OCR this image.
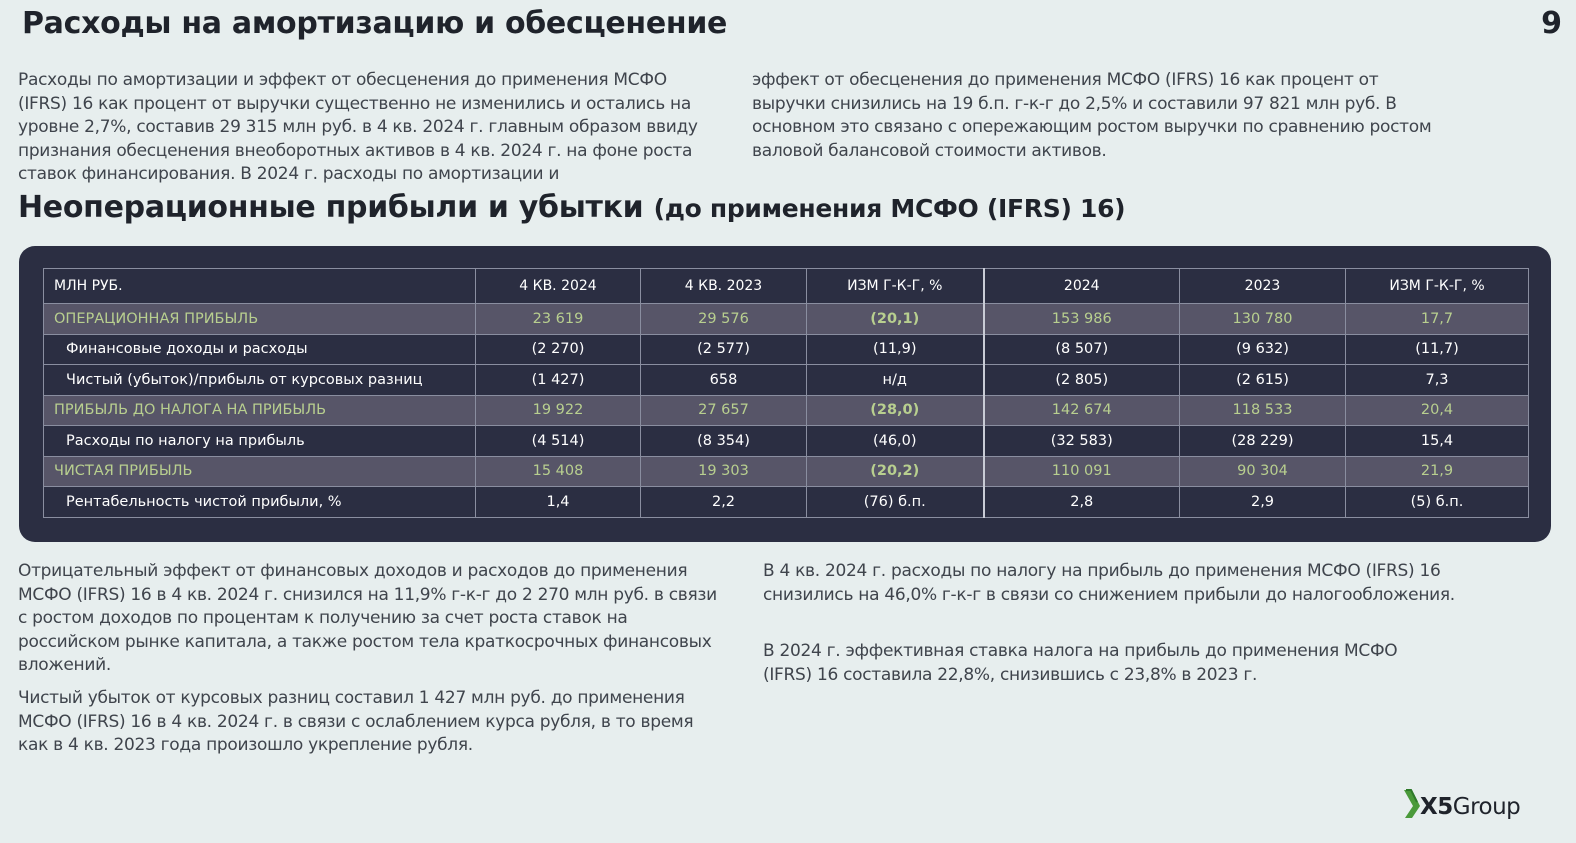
Расходы на амортизацию и обесценение	9

Расходы по амортизации и эффект от обесценения до применения МСФО (IFRS) 16 как процент от выручки существенно не изменились и остались на уровне 2,7%, составив 29 315 млн руб. в 4 кв. 2024 г. главным образом ввиду признания обесценения внеоборотных активов в 4 кв. 2024 г. на фоне роста ставок финансирования. В 2024 г. расходы по амортизации и

эффект от обесценения до применения МСФО (IFRS) 16 как процент от выручки снизились на 19 б.п. г-к-г до 2,5% и составили 97 821 млн руб. В основном это связано с опережающим ростом выручки по сравнению ростом валовой балансовой стоимости активов.

Неоперационные прибыли и убытки (до применения МСФО (IFRS) 16)
МЛН РУБ.	4 КВ. 2024	4 КВ. 2023	ИЗМ Г-К-Г, %	2024	2023	ИЗМ Г-К-Г, %
ОПЕРАЦИОННАЯ ПРИБЫЛЬ	23 619	29 576	(20,1)	153 986	130 780	17,7
Финансовые доходы и расходы	(2 270)	(2 577)	(11,9)	(8 507)	(9 632)	(11,7)
Чистый (убыток)/прибыль от курсовых разниц	(1 427)	658	н/д	(2 805)	(2 615)	7,3
ПРИБЫЛЬ ДО НАЛОГА НА ПРИБЫЛЬ	19 922	27 657	(28,0)	142 674	118 533	20,4
Расходы по налогу на прибыль	(4 514)	(8 354)	(46,0)	(32 583)	(28 229)	15,4
ЧИСТАЯ ПРИБЫЛЬ	15 408	19 303	(20,2)	110 091	90 304	21,9
Рентабельность чистой прибыли, %	1,4	2,2	(76) б.п.	2,8	2,9	(5) б.п.

Отрицательный эффект от финансовых доходов и расходов до применения МСФО (IFRS) 16 в 4 кв. 2024 г. снизился на 11,9% г-к-г до 2 270 млн руб. в связи с ростом доходов по процентам к получению за счет роста ставок на российском рынке капитала, а также ростом тела краткосрочных финансовых вложений.

Чистый убыток от курсовых разниц составил 1 427 млн руб. до применения МСФО (IFRS) 16 в 4 кв. 2024 г. в связи с ослаблением курса рубля, в то время как в 4 кв. 2023 года произошло укрепление рубля.

В 4 кв. 2024 г. расходы по налогу на прибыль до применения МСФО (IFRS) 16 снизились на 46,0% г-к-г в связи со снижением прибыли до налогообложения.

В 2024 г. эффективная ставка налога на прибыль до применения МСФО (IFRS) 16 составила 22,8%, снизившись с 23,8% в 2023 г.

X5Group
